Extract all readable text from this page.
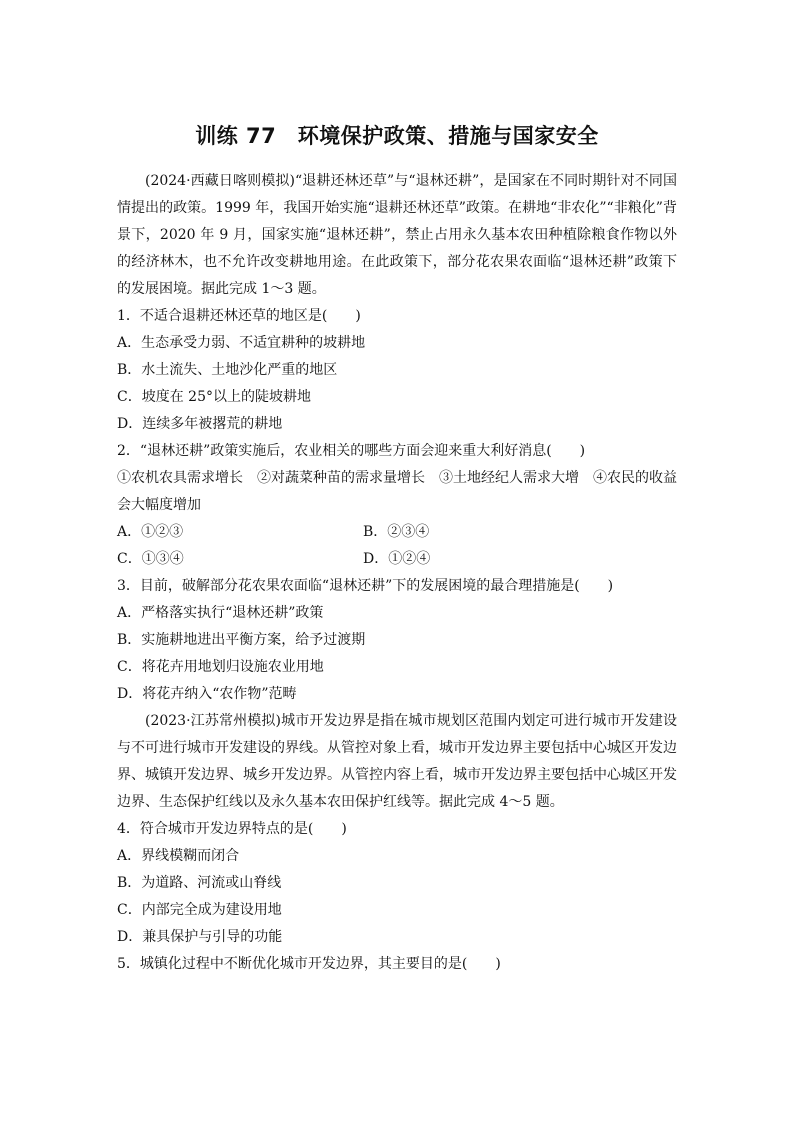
训练 77　环境保护政策、措施与国家安全

(2024·西藏日喀则模拟)“退耕还林还草”与“退林还耕”，是国家在不同时期针对不同国情提出的政策。1999 年，我国开始实施“退耕还林还草”政策。在耕地“非农化”“非粮化”背景下，2020 年 9 月，国家实施“退林还耕”，禁止占用永久基本农田种植除粮食作物以外的经济林木，也不允许改变耕地用途。在此政策下，部分花农果农面临“退林还耕”政策下的发展困境。据此完成 1～3 题。

1．不适合退耕还林还草的地区是(　　)

A．生态承受力弱、不适宜耕种的坡耕地

B．水土流失、土地沙化严重的地区

C．坡度在 25°以上的陡坡耕地

D．连续多年被撂荒的耕地

2．“退林还耕”政策实施后，农业相关的哪些方面会迎来重大利好消息(　　)

①农机农具需求增长　②对蔬菜种苗的需求量增长　③土地经纪人需求大增　④农民的收益会大幅度增加

A．①②③	B．②③④
C．①③④	D．①②④

3．目前，破解部分花农果农面临“退林还耕”下的发展困境的最合理措施是(　　)

A．严格落实执行“退林还耕”政策

B．实施耕地进出平衡方案，给予过渡期

C．将花卉用地划归设施农业用地

D．将花卉纳入“农作物”范畴

(2023·江苏常州模拟)城市开发边界是指在城市规划区范围内划定可进行城市开发建设与不可进行城市开发建设的界线。从管控对象上看，城市开发边界主要包括中心城区开发边界、城镇开发边界、城乡开发边界。从管控内容上看，城市开发边界主要包括中心城区开发边界、生态保护红线以及永久基本农田保护红线等。据此完成 4～5 题。

4．符合城市开发边界特点的是(　　)

A．界线模糊而闭合

B．为道路、河流或山脊线

C．内部完全成为建设用地

D．兼具保护与引导的功能

5．城镇化过程中不断优化城市开发边界，其主要目的是(　　)
